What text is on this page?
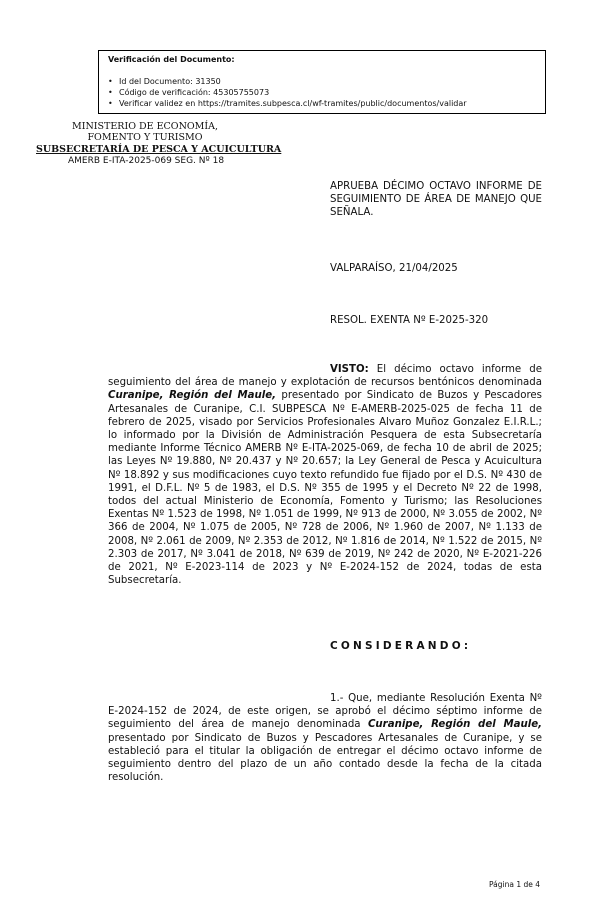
Verificación del Documento:
• Id del Documento: 31350
• Código de verificación: 45305755073
• Verificar validez en https://tramites.subpesca.cl/wf-tramites/public/documentos/validar
MINISTERIO DE ECONOMÍA,
FOMENTO Y TURISMO
SUBSECRETARÍA DE PESCA Y ACUICULTURA
AMERB E-ITA-2025-069 SEG. Nº 18
APRUEBA DÉCIMO OCTAVO INFORME DE SEGUIMIENTO DE ÁREA DE MANEJO QUE SEÑALA.
VALPARAÍSO, 21/04/2025
RESOL. EXENTA Nº E-2025-320
VISTO: El décimo octavo informe de seguimiento del área de manejo y explotación de recursos bentónicos denominada Curanipe, Región del Maule, presentado por Sindicato de Buzos y Pescadores Artesanales de Curanipe, C.I. SUBPESCA Nº E-AMERB-2025-025 de fecha 11 de febrero de 2025, visado por Servicios Profesionales Alvaro Muñoz Gonzalez E.I.R.L.; lo informado por la División de Administración Pesquera de esta Subsecretaría mediante Informe Técnico AMERB Nº E-ITA-2025-069, de fecha 10 de abril de 2025; las Leyes Nº 19.880, Nº 20.437 y Nº 20.657; la Ley General de Pesca y Acuicultura Nº 18.892 y sus modificaciones cuyo texto refundido fue fijado por el D.S. Nº 430 de 1991, el D.F.L. Nº 5 de 1983, el D.S. Nº 355 de 1995 y el Decreto Nº 22 de 1998, todos del actual Ministerio de Economía, Fomento y Turismo; las Resoluciones Exentas Nº 1.523 de 1998, Nº 1.051 de 1999, Nº 913 de 2000, Nº 3.055 de 2002, Nº 366 de 2004, Nº 1.075 de 2005, Nº 728 de 2006, Nº 1.960 de 2007, Nº 1.133 de 2008, Nº 2.061 de 2009, Nº 2.353 de 2012, Nº 1.816 de 2014, Nº 1.522 de 2015, Nº 2.303 de 2017, Nº 3.041 de 2018, Nº 639 de 2019, Nº 242 de 2020, Nº E-2021-226 de 2021, Nº E-2023-114 de 2023 y Nº E-2024-152 de 2024, todas de esta Subsecretaría.
CONSIDERANDO:
1.- Que, mediante Resolución Exenta Nº E-2024-152 de 2024, de este origen, se aprobó el décimo séptimo informe de seguimiento del área de manejo denominada Curanipe, Región del Maule, presentado por Sindicato de Buzos y Pescadores Artesanales de Curanipe, y se estableció para el titular la obligación de entregar el décimo octavo informe de seguimiento dentro del plazo de un año contado desde la fecha de la citada resolución.
Página 1 de 4
